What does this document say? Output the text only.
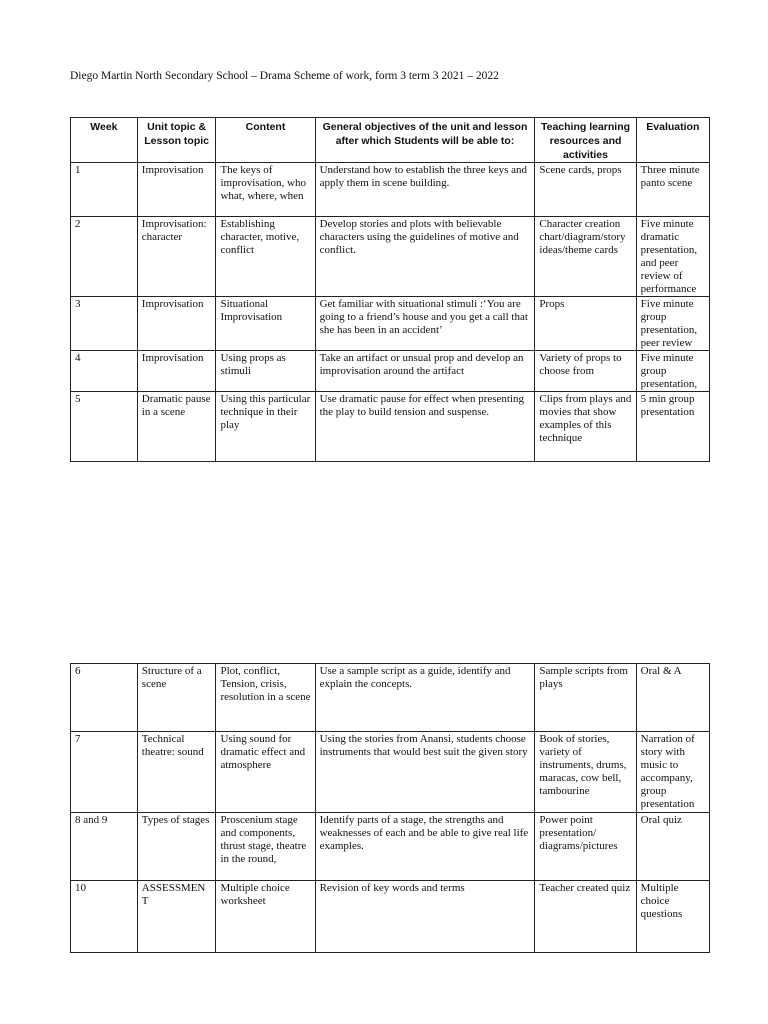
Diego Martin North Secondary School – Drama Scheme of work, form 3 term 3 2021 – 2022
Week	Unit topic & Lesson topic	Content	General objectives of the unit and lesson after which Students will be able to:	Teaching learning resources and activities	Evaluation
1	Improvisation	The keys of improvisation, who what, where, when	Understand how to establish the three keys and apply them in scene building.	Scene cards, props	Three minute panto scene
2	Improvisation: character	Establishing character, motive, conflict	Develop stories and plots with believable characters using the guidelines of motive and conflict.	Character creation chart/diagram/story ideas/theme cards	Five minute dramatic presentation, and peer review of performance
3	Improvisation	Situational Improvisation	Get familiar with situational stimuli :‘You are going to a friend’s house and you get a call that she has been in an accident’	Props	Five minute group presentation, peer review
4	Improvisation	Using props as stimuli	Take an artifact or unsual prop and develop an improvisation around the artifact	Variety of props to choose from	Five minute group presentation,
5	Dramatic pause in a scene	Using this particular technique in their play	Use dramatic pause for effect when presenting the play to build tension and suspense.	Clips from plays and movies that show examples of this technique	5 min group presentation
6	Structure of a scene	Plot, conflict, Tension, crisis, resolution in a scene	Use a sample script as a guide, identify and explain the concepts.	Sample scripts from plays	Oral & A
7	Technical theatre: sound	Using sound for dramatic effect and atmosphere	Using the stories from Anansi, students choose instruments that would best suit the given story	Book of stories, variety of instruments, drums, maracas, cow bell, tambourine	Narration of story with music to accompany, group presentation
8 and 9	Types of stages	Proscenium stage and components, thrust stage, theatre in the round,	Identify parts of a stage, the strengths and weaknesses of each and be able to give real life examples.	Power point presentation/ diagrams/pictures	Oral quiz
10	ASSESSMEN T	Multiple choice worksheet	Revision of key words and terms	Teacher created quiz	Multiple choice questions
